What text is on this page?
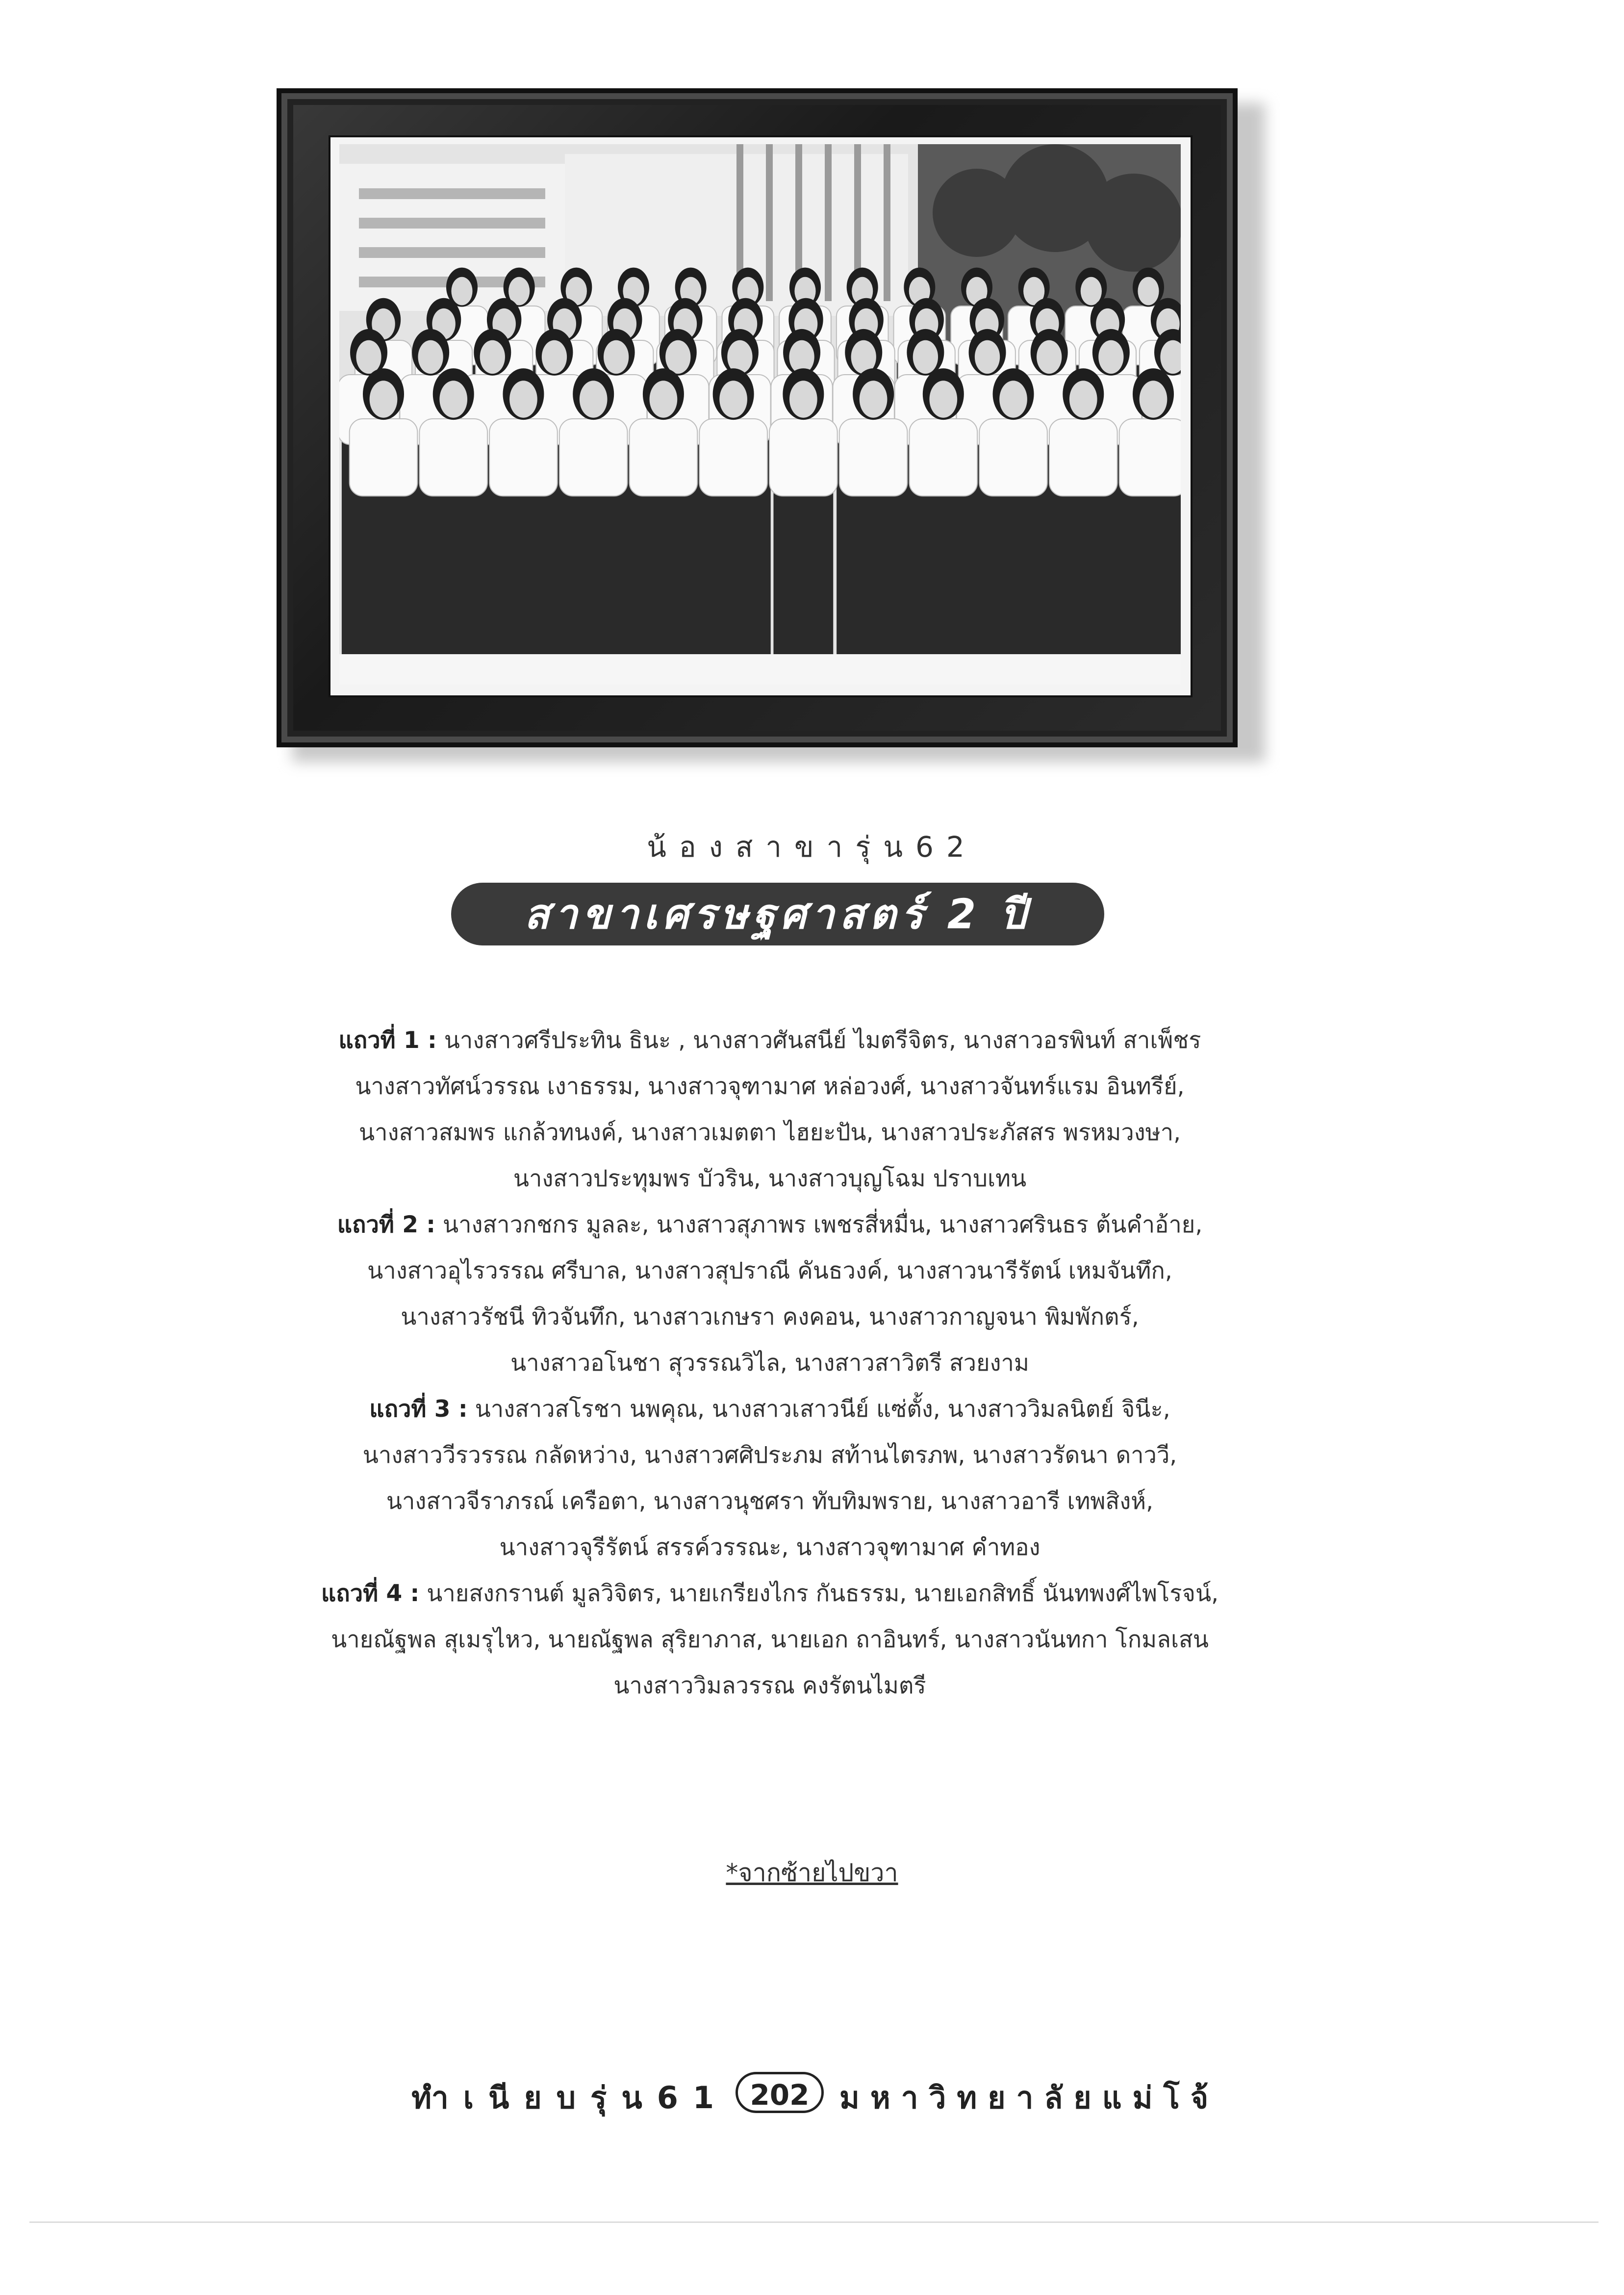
น้องสาขารุ่น62
สาขาเศรษฐศาสตร์ 2 ปี
แถวที่ 1 : นางสาวศรีประทิน ธินะ , นางสาวศันสนีย์ ไมตรีจิตร, นางสาวอรพินท์ สาเพ็ชร
นางสาวทัศน์วรรณ เงาธรรม, นางสาวจุฑามาศ หล่อวงศ์, นางสาวจันทร์แรม อินทรีย์,
นางสาวสมพร แกล้วทนงค์, นางสาวเมตตา ไฮยะปัน, นางสาวประภัสสร พรหมวงษา,
นางสาวประทุมพร บัวริน, นางสาวบุญโฉม ปราบเทน
แถวที่ 2 : นางสาวกชกร มูลละ, นางสาวสุภาพร เพชรสี่หมื่น, นางสาวศรินธร ต้นคำอ้าย,
นางสาวอุไรวรรณ ศรีบาล, นางสาวสุปราณี คันธวงค์, นางสาวนารีรัตน์ เหมจันทึก,
นางสาวรัชนี ทิวจันทึก, นางสาวเกษรา คงคอน, นางสาวกาญจนา พิมพักตร์,
นางสาวอโนชา สุวรรณวิไล, นางสาวสาวิตรี สวยงาม
แถวที่ 3 : นางสาวสโรชา นพคุณ, นางสาวเสาวนีย์ แซ่ตั้ง, นางสาววิมลนิตย์ จินีะ,
นางสาววีรวรรณ กลัดหว่าง, นางสาวศศิประภม สท้านไตรภพ, นางสาวรัดนา ดาววี,
นางสาวจีราภรณ์ เครือตา, นางสาวนุชศรา ทับทิมพราย, นางสาวอารี เทพสิงห์,
นางสาวจุรีรัตน์ สรรค์วรรณะ, นางสาวจุฑามาศ คำทอง
แถวที่ 4 : นายสงกรานต์ มูลวิจิตร, นายเกรียงไกร กันธรรม, นายเอกสิทธิ์ นันทพงศ์ไพโรจน์,
นายณัฐพล สุเมรุไหว, นายณัฐพล สุริยาภาส, นายเอก ถาอินทร์, นางสาวนันทกา โกมลเสน
นางสาววิมลวรรณ คงรัตนไมตรี
*จากซ้ายไปขวา
ทำเนียบรุ่น61 202 มหาวิทยาลัยแม่โจ้
